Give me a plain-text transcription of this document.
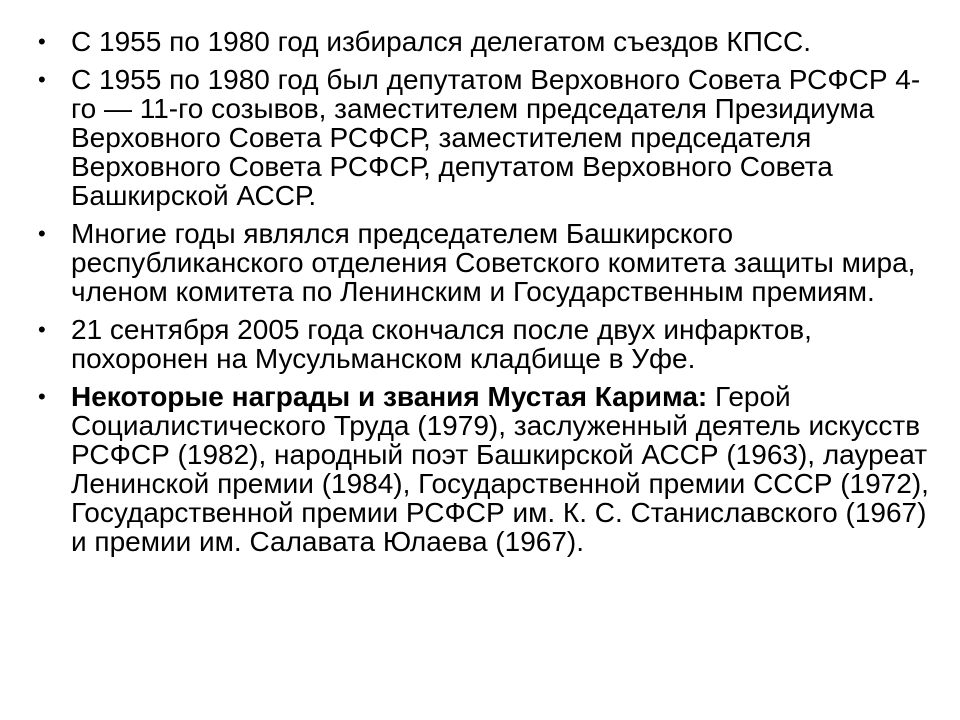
• С 1955 по 1980 год избирался делегатом съездов КПСС.
• С 1955 по 1980 год был депутатом Верховного Совета РСФСР 4-го — 11-го созывов, заместителем председателя Президиума Верховного Совета РСФСР, заместителем председателя Верховного Совета РСФСР, депутатом Верховного Совета Башкирской АССР.
• Многие годы являлся председателем Башкирского республиканского отделения Советского комитета защиты мира, членом комитета по Ленинским и Государственным премиям.
• 21 сентября 2005 года скончался после двух инфарктов, похоронен на Мусульманском кладбище в Уфе.
• Некоторые награды и звания Мустая Карима: Герой Социалистического Труда (1979), заслуженный деятель искусств РСФСР (1982), народный поэт Башкирской АССР (1963), лауреат Ленинской премии (1984), Государственной премии СССР (1972), Государственной премии РСФСР им. К. С. Станиславского (1967) и премии им. Салавата Юлаева (1967).
